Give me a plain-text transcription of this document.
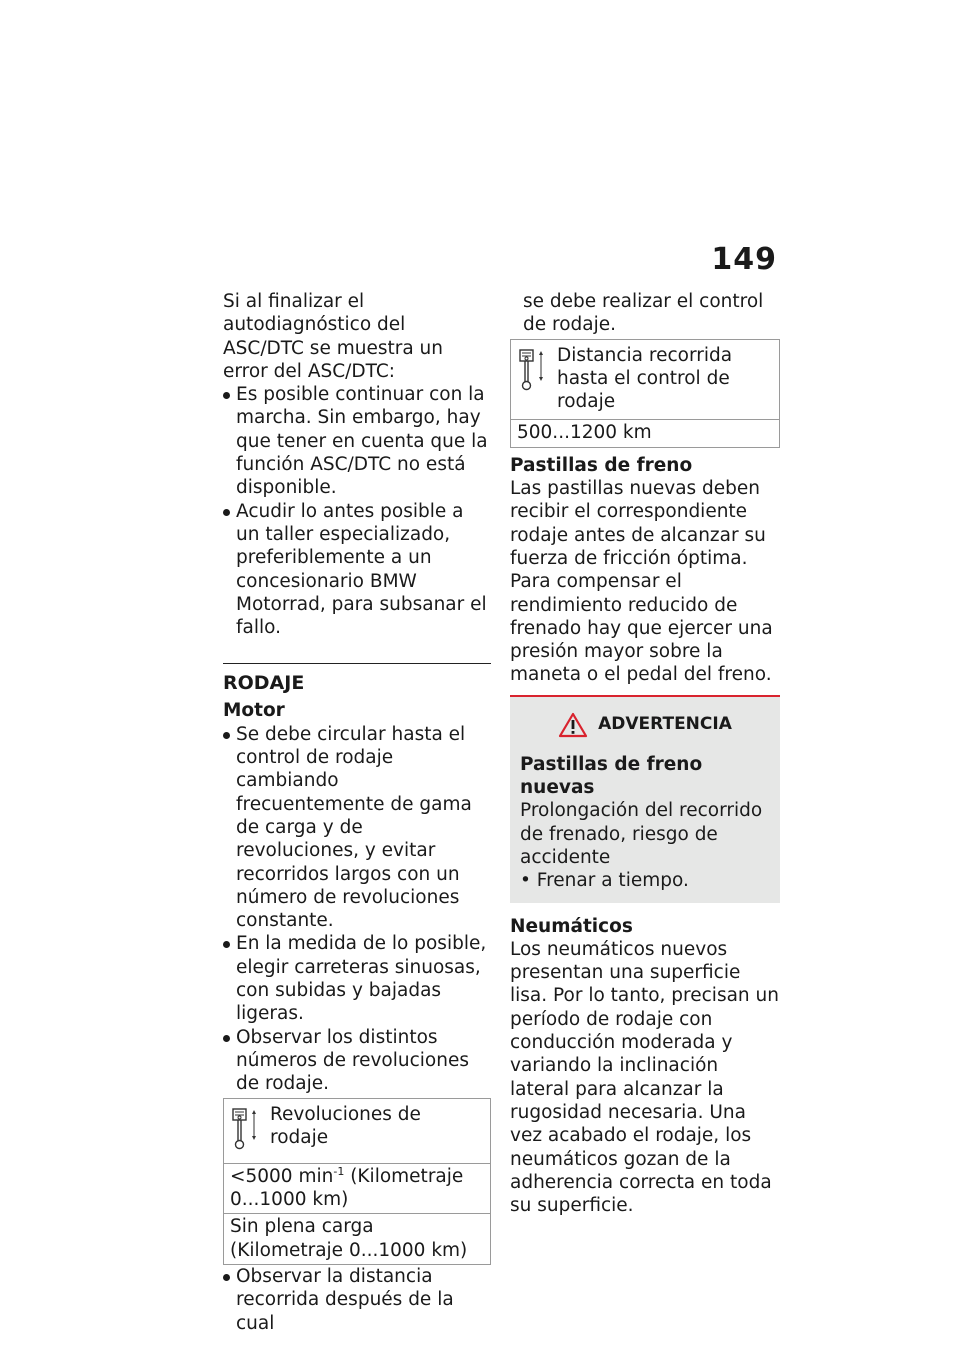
149

Si al finalizar el autodiagnóstico del ASC/DTC se muestra un error del ASC/DTC:

Es posible continuar con la marcha. Sin embargo, hay que tener en cuenta que la función ASC/DTC no está disponible.
Acudir lo antes posible a un taller especializado, preferiblemente a un concesionario BMW Motorrad, para subsanar el fallo.
RODAJE
Motor
Se debe circular hasta el control de rodaje cambiando frecuentemente de gama de carga y de revoluciones, y evitar recorridos largos con un número de revoluciones constante.
En la medida de lo posible, elegir carreteras sinuosas, con subidas y bajadas ligeras.
Observar los distintos números de revoluciones de rodaje.
Revoluciones de rodaje
<5000 $\min^{-1}$ (Kilometraje 0...1000 km)
Sin plena carga (Kilometraje 0...1000 km)
Observar la distancia recorrida después de la cual

se debe realizar el control de rodaje.

Distancia recorrida hasta el control de rodaje
500...1200 km
Pastillas de freno

Las pastillas nuevas deben recibir el correspondiente rodaje antes de alcanzar su fuerza de fricción óptima. Para compensar el rendimiento reducido de frenado hay que ejercer una presión mayor sobre la maneta o el pedal del freno.

ADVERTENCIA
Pastillas de freno nuevas

Prolongación del recorrido de frenado, riesgo de accidente

• Frenar a tiempo.

Neumáticos

Los neumáticos nuevos presentan una superficie lisa. Por lo tanto, precisan un período de rodaje con conducción moderada y variando la inclinación lateral para alcanzar la rugosidad necesaria. Una vez acabado el rodaje, los neumáticos gozan de la adherencia correcta en toda su superficie.
